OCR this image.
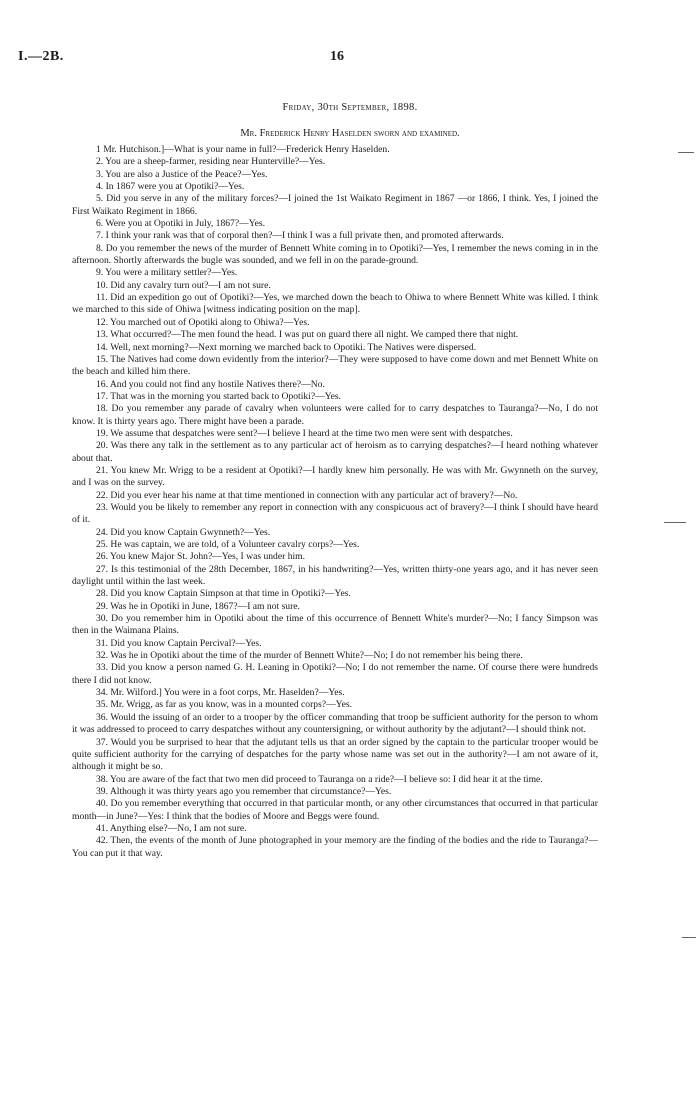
I.—2B.	16
Friday, 30th September, 1898.
Mr. Frederick Henry Haselden sworn and examined.

1 Mr. Hutchison.]—What is your name in full?—Frederick Henry Haselden.

2. You are a sheep-farmer, residing near Hunterville?—Yes.

3. You are also a Justice of the Peace?—Yes.

4. In 1867 were you at Opotiki?—Yes.

5. Did you serve in any of the military forces?—I joined the 1st Waikato Regiment in 1867 —or 1866, I think. Yes, I joined the First Waikato Regiment in 1866.

6. Were you at Opotiki in July, 1867?—Yes.

7. I think your rank was that of corporal then?—I think I was a full private then, and promoted afterwards.

8. Do you remember the news of the murder of Bennett White coming in to Opotiki?—Yes, I remember the news coming in in the afternoon. Shortly afterwards the bugle was sounded, and we fell in on the parade-ground.

9. You were a military settler?—Yes.

10. Did any cavalry turn out?—I am not sure.

11. Did an expedition go out of Opotiki?—Yes, we marched down the beach to Ohiwa to where Bennett White was killed. I think we marched to this side of Ohiwa [witness indicating position on the map].

12. You marched out of Opotiki along to Ohiwa?—Yes.

13. What occurred?—The men found the head. I was put on guard there all night. We camped there that night.

14. Well, next morning?—Next morning we marched back to Opotiki. The Natives were dispersed.

15. The Natives had come down evidently from the interior?—They were supposed to have come down and met Bennett White on the beach and killed him there.

16. And you could not find any hostile Natives there?—No.

17. That was in the morning you started back to Opotiki?—Yes.

18. Do you remember any parade of cavalry when volunteers were called for to carry despatches to Tauranga?—No, I do not know. It is thirty years ago. There might have been a parade.

19. We assume that despatches were sent?—I believe I heard at the time two men were sent with despatches.

20. Was there any talk in the settlement as to any particular act of heroism as to carrying despatches?—I heard nothing whatever about that.

21. You knew Mr. Wrigg to be a resident at Opotiki?—I hardly knew him personally. He was with Mr. Gwynneth on the survey, and I was on the survey.

22. Did you ever hear his name at that time mentioned in connection with any particular act of bravery?—No.

23. Would you be likely to remember any report in connection with any conspicuous act of bravery?—I think I should have heard of it.

24. Did you know Captain Gwynneth?—Yes.

25. He was captain, we are told, of a Volunteer cavalry corps?—Yes.

26. You knew Major St. John?—Yes, I was under him.

27. Is this testimonial of the 28th December, 1867, in his handwriting?—Yes, written thirty-one years ago, and it has never seen daylight until within the last week.

28. Did you know Captain Simpson at that time in Opotiki?—Yes.

29. Was he in Opotiki in June, 1867?—I am not sure.

30. Do you remember him in Opotiki about the time of this occurrence of Bennett White's murder?—No; I fancy Simpson was then in the Waimana Plains.

31. Did you know Captain Percival?—Yes.

32. Was he in Opotiki about the time of the murder of Bennett White?—No; I do not remember his being there.

33. Did you know a person named G. H. Leaning in Opotiki?—No; I do not remember the name. Of course there were hundreds there I did not know.

34. Mr. Wilford.] You were in a foot corps, Mr. Haselden?—Yes.

35. Mr. Wrigg, as far as you know, was in a mounted corps?—Yes.

36. Would the issuing of an order to a trooper by the officer commanding that troop be sufficient authority for the person to whom it was addressed to proceed to carry despatches without any countersigning, or without authority by the adjutant?—I should think not.

37. Would you be surprised to hear that the adjutant tells us that an order signed by the captain to the particular trooper would be quite sufficient authority for the carrying of despatches for the party whose name was set out in the authority?—I am not aware of it, although it might be so.

38. You are aware of the fact that two men did proceed to Tauranga on a ride?—I believe so: I did hear it at the time.

39. Although it was thirty years ago you remember that circumstance?—Yes.

40. Do you remember everything that occurred in that particular month, or any other circumstances that occurred in that particular month—in June?—Yes: I think that the bodies of Moore and Beggs were found.

41. Anything else?—No, I am not sure.

42. Then, the events of the month of June photographed in your memory are the finding of the bodies and the ride to Tauranga?—You can put it that way.
